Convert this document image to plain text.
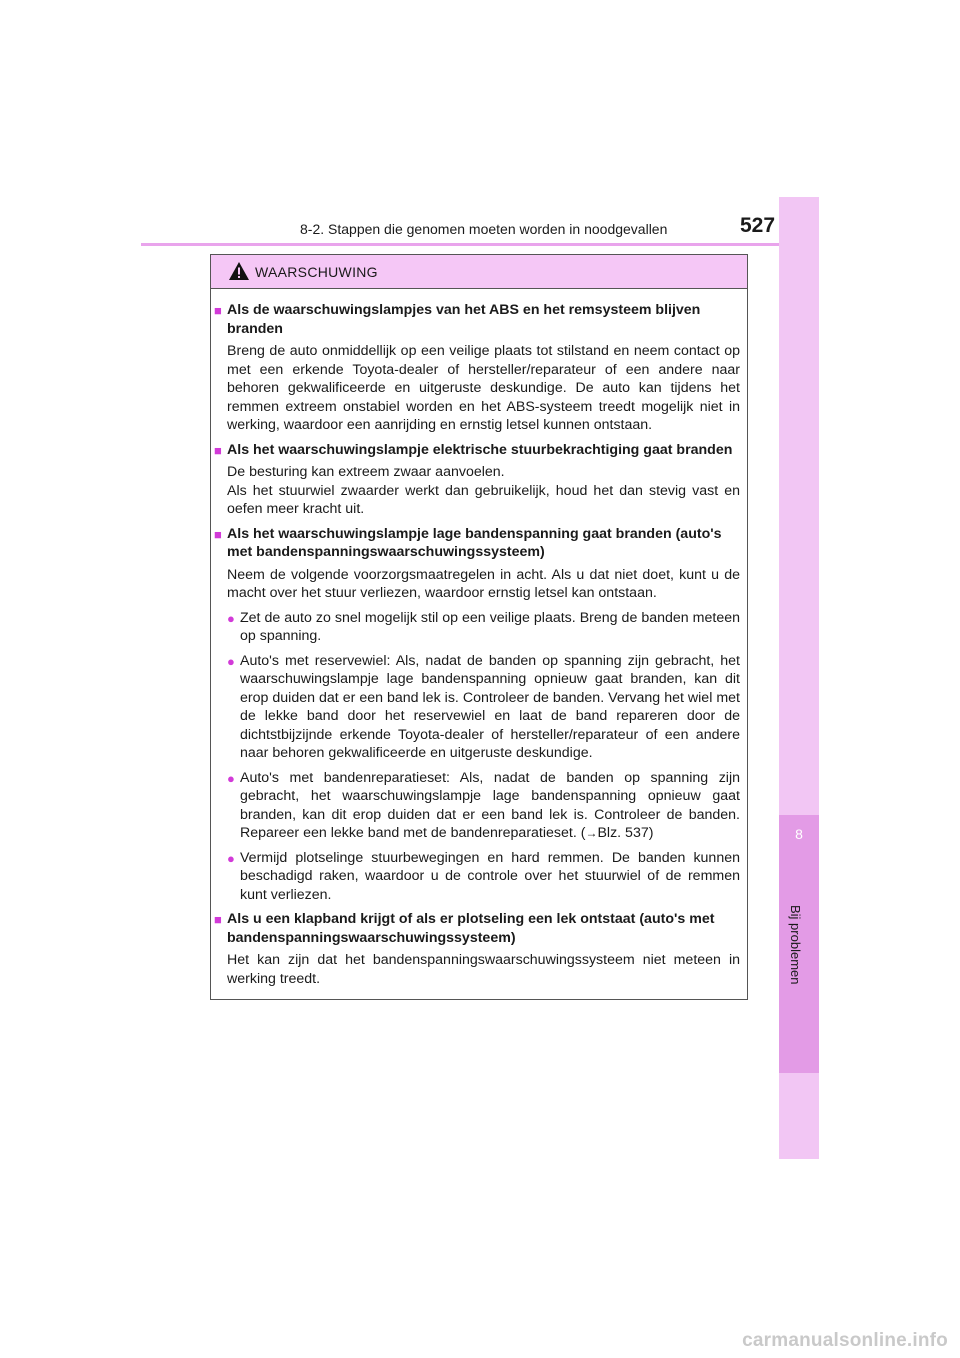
8-2. Stappen die genomen moeten worden in noodgevallen	527
8
Bij problemen
WAARSCHUWING
■ Als de waarschuwingslampjes van het ABS en het remsysteem blijven branden

Breng de auto onmiddellijk op een veilige plaats tot stilstand en neem contact op met een erkende Toyota-dealer of hersteller/reparateur of een andere naar behoren gekwalificeerde en uitgeruste deskundige. De auto kan tijdens het remmen extreem onstabiel worden en het ABS-systeem treedt mogelijk niet in werking, waardoor een aanrijding en ernstig letsel kunnen ontstaan.

■ Als het waarschuwingslampje elektrische stuurbekrachtiging gaat branden

De besturing kan extreem zwaar aanvoelen.

Als het stuurwiel zwaarder werkt dan gebruikelijk, houd het dan stevig vast en oefen meer kracht uit.

■ Als het waarschuwingslampje lage bandenspanning gaat branden (auto's met bandenspanningswaarschuwingssysteem)

Neem de volgende voorzorgsmaatregelen in acht. Als u dat niet doet, kunt u de macht over het stuur verliezen, waardoor ernstig letsel kan ontstaan.

● Zet de auto zo snel mogelijk stil op een veilige plaats. Breng de banden meteen op spanning.
● Auto's met reservewiel: Als, nadat de banden op spanning zijn gebracht, het waarschuwingslampje lage bandenspanning opnieuw gaat branden, kan dit erop duiden dat er een band lek is. Controleer de banden. Vervang het wiel met de lekke band door het reservewiel en laat de band repareren door de dichtstbijzijnde erkende Toyota-dealer of hersteller/reparateur of een andere naar behoren gekwalificeerde en uitgeruste deskundige.
● Auto's met bandenreparatieset: Als, nadat de banden op spanning zijn gebracht, het waarschuwingslampje lage bandenspanning opnieuw gaat branden, kan dit erop duiden dat er een band lek is. Controleer de banden. Repareer een lekke band met de bandenreparatieset. (→Blz. 537)
● Vermijd plotselinge stuurbewegingen en hard remmen. De banden kunnen beschadigd raken, waardoor u de controle over het stuurwiel of de remmen kunt verliezen.
■ Als u een klapband krijgt of als er plotseling een lek ontstaat (auto's met bandenspanningswaarschuwingssysteem)

Het kan zijn dat het bandenspanningswaarschuwingssysteem niet meteen in werking treedt.

carmanualsonline.info
